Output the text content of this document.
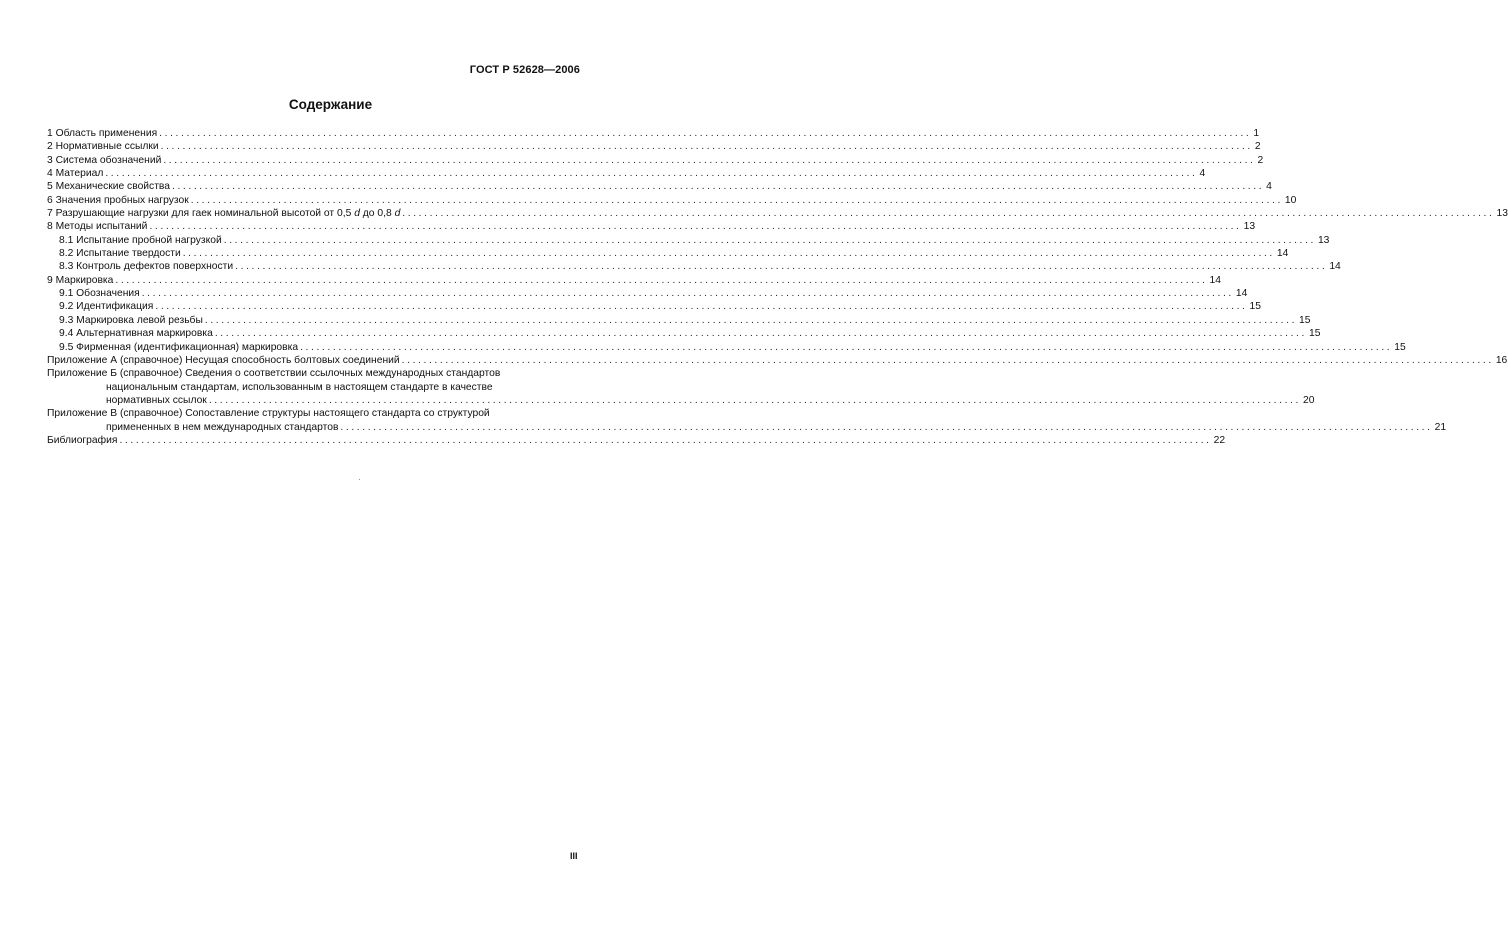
ГОСТ Р 52628—2006
Содержание
1 Область применения ........................................................................................................................................................................................................ 1
2 Нормативные ссылки ........................................................................................................................................................................................................ 2
3 Система обозначений ........................................................................................................................................................................................................ 2
4 Материал ........................................................................................................................................................................................................ 4
5 Механические свойства ........................................................................................................................................................................................................ 4
6 Значения пробных нагрузок ........................................................................................................................................................................................................ 10
7 Разрушающие нагрузки для гаек номинальной высотой от 0,5 d до 0,8 d ........................................................................................................................................................................................................ 13
8 Методы испытаний ........................................................................................................................................................................................................ 13
8.1 Испытание пробной нагрузкой ........................................................................................................................................................................................................ 13
8.2 Испытание твердости ........................................................................................................................................................................................................ 14
8.3 Контроль дефектов поверхности ........................................................................................................................................................................................................ 14
9 Маркировка ........................................................................................................................................................................................................ 14
9.1 Обозначения ........................................................................................................................................................................................................ 14
9.2 Идентификация ........................................................................................................................................................................................................ 15
9.3 Маркировка левой резьбы ........................................................................................................................................................................................................ 15
9.4 Альтернативная маркировка ........................................................................................................................................................................................................ 15
9.5 Фирменная (идентификационная) маркировка ........................................................................................................................................................................................................ 15
Приложение А (справочное) Несущая способность болтовых соединений ........................................................................................................................................................................................................ 16
Приложение Б (справочное) Сведения о соответствии ссылочных международных стандартов
национальным стандартам, использованным в настоящем стандарте в качестве
нормативных ссылок ........................................................................................................................................................................................................ 20
Приложение В (справочное) Сопоставление структуры настоящего стандарта со структурой
примененных в нем международных стандартов ........................................................................................................................................................................................................ 21
Библиография ........................................................................................................................................................................................................ 22
III
